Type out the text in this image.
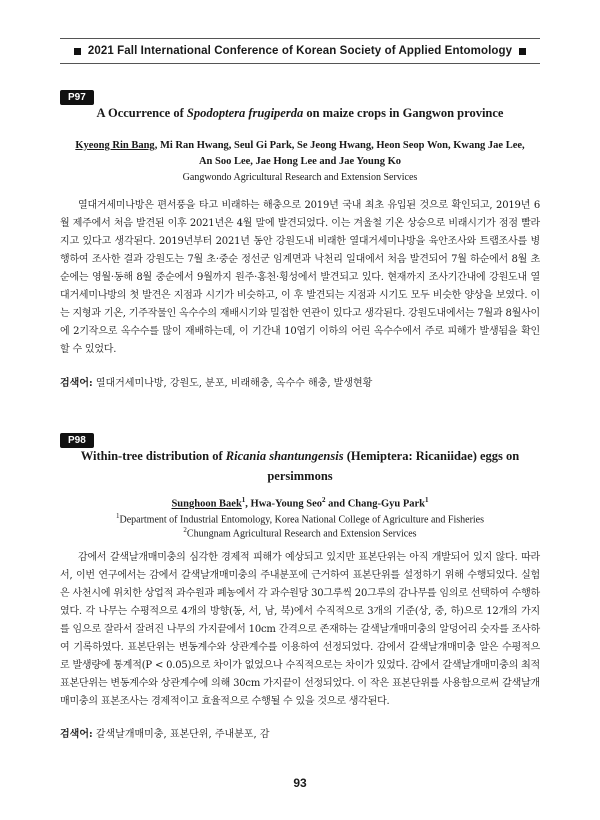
2021 Fall International Conference of Korean Society of Applied Entomology
P97
A Occurrence of Spodoptera frugiperda on maize crops in Gangwon province
Kyeong Rin Bang, Mi Ran Hwang, Seul Gi Park, Se Jeong Hwang, Heon Seop Won, Kwang Jae Lee,
An Soo Lee, Jae Hong Lee and Jae Young Ko
Gangwondo Agricultural Research and Extension Services
열대거세미나방은 편서풍을 타고 비래하는 해충으로 2019년 국내 최초 유입된 것으로 확인되고, 2019년 6월 제주에서 처음 발견된 이후 2021년은 4월 말에 발견되었다. 이는 겨울철 기온 상승으로 비래시기가 점점 빨라지고 있다고 생각된다. 2019년부터 2021년 동안 강원도내 비래한 열대거세미나방을 육안조사와 트랩조사를 병행하여 조사한 결과 강원도는 7월 초·중순 정선군 임계면과 낙천리 일대에서 처음 발견되어 7월 하순에서 8월 초순에는 영월·동해 8월 중순에서 9월까지 원주·홍천·횡성에서 발견되고 있다. 현재까지 조사기간내에 강원도내 열대거세미나방의 첫 발견은 지점과 시기가 비슷하고, 이 후 발견되는 지점과 시기도 모두 비슷한 양상을 보였다. 이는 지형과 기온, 기주작물인 옥수수의 재배시기와 밀접한 연관이 있다고 생각된다. 강원도내에서는 7월과 8월사이에 2기작으로 옥수수를 많이 재배하는데, 이 기간내 10엽기 이하의 어린 옥수수에서 주로 피해가 발생됨을 확인 할 수 있었다.
검색어: 열대거세미나방, 강원도, 분포, 비래해충, 옥수수 해충, 발생현황
P98
Within-tree distribution of Ricania shantungensis (Hemiptera: Ricaniidae) eggs on
persimmons
Sunghoon Baek$^1$, Hwa-Young Seo$^2$ and Chang-Gyu Park$^1$
$^1$Department of Industrial Entomology, Korea National College of Agriculture and Fisheries
$^2$Chungnam Agricultural Research and Extension Services
감에서 갈색날개매미충의 심각한 경제적 피해가 예상되고 있지만 표본단위는 아직 개발되어 있지 않다. 따라서, 이번 연구에서는 감에서 갈색날개매미충의 주내분포에 근거하여 표본단위를 설정하기 위해 수행되었다. 실험은 사천시에 위치한 상업적 과수원과 폐농에서 각 과수원당 30그루씩 20그루의 감나무를 임의로 선택하여 수행하였다. 각 나무는 수평적으로 4개의 방향(동, 서, 남, 북)에서 수직적으로 3개의 기준(상, 중, 하)으로 12개의 가지를 임으로 잘라서 잘려진 나무의 가지끝에서 10cm 간격으로 존재하는 갈색날개매미충의 알덩어리 숫자를 조사하여 기록하였다. 표본단위는 변동계수와 상관계수를 이용하여 선정되었다. 감에서 갈색날개매미충 알은 수평적으로 발생량에 통계적(P < 0.05)으로 차이가 없었으나 수직적으로는 차이가 있었다. 감에서 갈색날개매미충의 최적표본단위는 변동계수와 상관계수에 의해 30cm 가지끝이 선정되었다. 이 작은 표본단위를 사용함으로써 갈색날개매미충의 표본조사는 경제적이고 효율적으로 수행될 수 있을 것으로 생각된다.
검색어: 갈색날개매미충, 표본단위, 주내분포, 감
93
